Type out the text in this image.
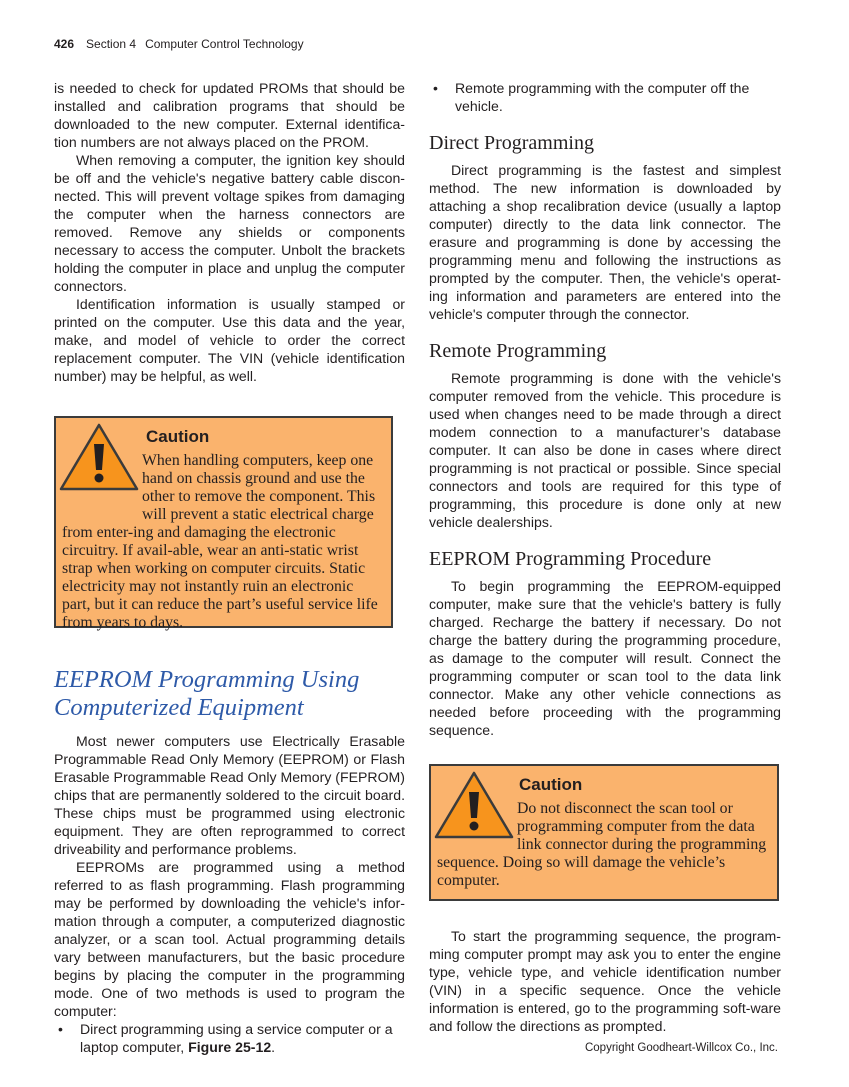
426 Section 4 Computer Control Technology

is needed to check for updated PROMs that should be installed and calibration programs that should be downloaded to the new computer. External identifica-tion numbers are not always placed on the PROM.

When removing a computer, the ignition key should be off and the vehicle's negative battery cable discon-nected. This will prevent voltage spikes from damaging the computer when the harness connectors are removed. Remove any shields or components necessary to access the computer. Unbolt the brackets holding the computer in place and unplug the computer connectors.

Identification information is usually stamped or printed on the computer. Use this data and the year, make, and model of vehicle to order the correct replacement computer. The VIN (vehicle identification number) may be helpful, as well.

Caution
When handling computers, keep one hand on chassis ground and use the other to remove the component. This will prevent a static electrical charge from enter-ing and damaging the electronic circuitry. If avail-able, wear an anti-static wrist strap when working on computer circuits. Static electricity may not instantly ruin an electronic part, but it can reduce the part’s useful service life from years to days.
EEPROM Programming Using Computerized Equipment

Most newer computers use Electrically Erasable Programmable Read Only Memory (EEPROM) or Flash Erasable Programmable Read Only Memory (FEPROM) chips that are permanently soldered to the circuit board. These chips must be programmed using electronic equipment. They are often reprogrammed to correct driveability and performance problems.

EEPROMs are programmed using a method referred to as flash programming. Flash programming may be performed by downloading the vehicle's infor-mation through a computer, a computerized diagnostic analyzer, or a scan tool. Actual programming details vary between manufacturers, but the basic procedure begins by placing the computer in the programming mode. One of two methods is used to program the computer:

• Direct programming using a service computer or a laptop computer, Figure 25-12.
• Remote programming with the computer off the vehicle.
Direct Programming

Direct programming is the fastest and simplest method. The new information is downloaded by attaching a shop recalibration device (usually a laptop computer) directly to the data link connector. The erasure and programming is done by accessing the programming menu and following the instructions as prompted by the computer. Then, the vehicle's operat-ing information and parameters are entered into the vehicle's computer through the connector.

Remote Programming

Remote programming is done with the vehicle's computer removed from the vehicle. This procedure is used when changes need to be made through a direct modem connection to a manufacturer’s database computer. It can also be done in cases where direct programming is not practical or possible. Since special connectors and tools are required for this type of programming, this procedure is done only at new vehicle dealerships.

EEPROM Programming Procedure

To begin programming the EEPROM-equipped computer, make sure that the vehicle's battery is fully charged. Recharge the battery if necessary. Do not charge the battery during the programming procedure, as damage to the computer will result. Connect the programming computer or scan tool to the data link connector. Make any other vehicle connections as needed before proceeding with the programming sequence.

Caution
Do not disconnect the scan tool or programming computer from the data link connector during the programming sequence. Doing so will damage the vehicle’s computer.

To start the programming sequence, the program-ming computer prompt may ask you to enter the engine type, vehicle type, and vehicle identification number (VIN) in a specific sequence. Once the vehicle information is entered, go to the programming soft-ware and follow the directions as prompted.

Copyright Goodheart-Willcox Co., Inc.
